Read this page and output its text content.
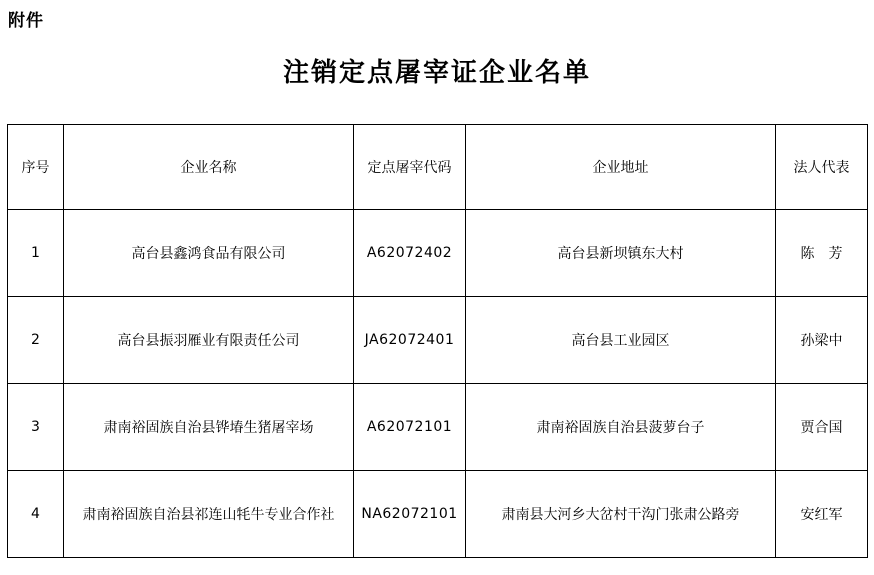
附件
注销定点屠宰证企业名单
序号	企业名称	定点屠宰代码	企业地址	法人代表
1	高台县鑫鸿食品有限公司	A62072402	高台县新坝镇东大村	陈　芳
2	高台县振羽雁业有限责任公司	JA62072401	高台县工业园区	孙梁中
3	肃南裕固族自治县铧堾生猪屠宰场	A62072101	肃南裕固族自治县菠萝台子	贾合国
4	肃南裕固族自治县祁连山牦牛专业合作社	NA62072101	肃南县大河乡大岔村干沟门张肃公路旁	安红军
